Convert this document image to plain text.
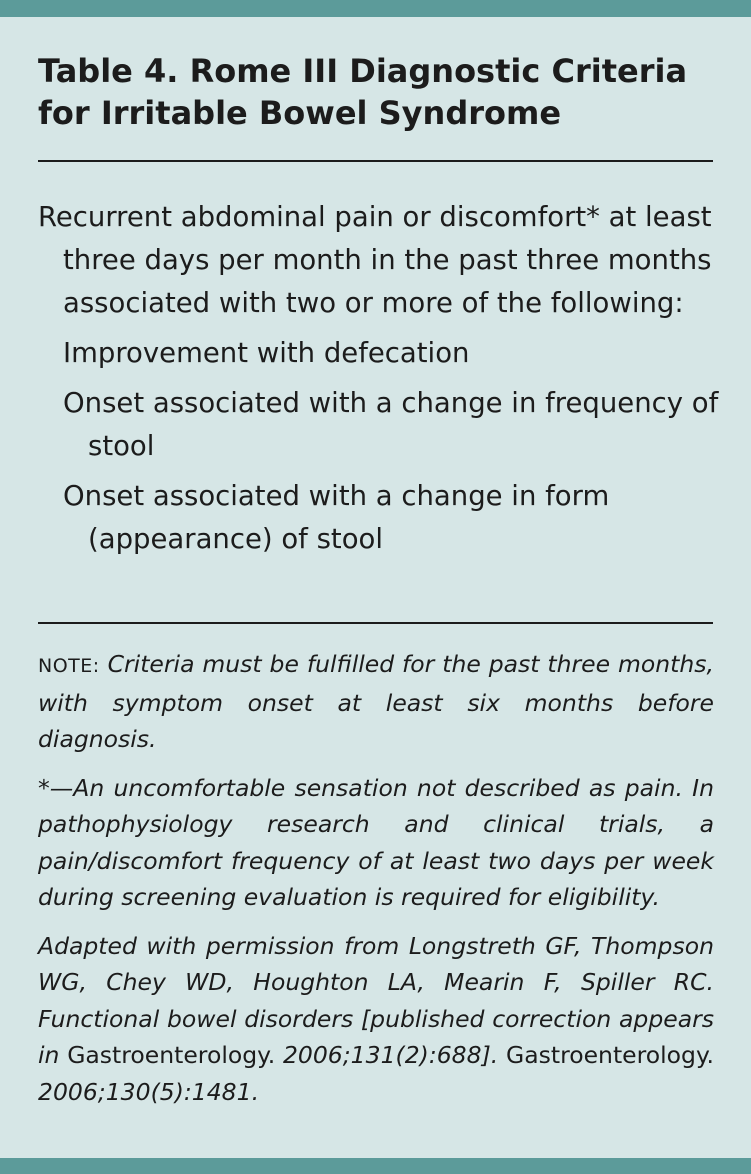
Table 4. Rome III Diagnostic Criteria for Irritable Bowel Syndrome

Recurrent abdominal pain or discomfort* at least three days per month in the past three months associated with two or more of the following:

Improvement with defecation

Onset associated with a change in frequency of stool

Onset associated with a change in form (appearance) of stool

NOTE: Criteria must be fulfilled for the past three months, with symptom onset at least six months before diagnosis.

*—An uncomfortable sensation not described as pain. In pathophysiology research and clinical trials, a pain/discomfort frequency of at least two days per week during screening evaluation is required for eligibility.

Adapted with permission from Longstreth GF, Thompson WG, Chey WD, Houghton LA, Mearin F, Spiller RC. Functional bowel disorders [published correction appears in Gastroenterology. 2006;131(2):688]. Gastroenterology. 2006;130(5):1481.
